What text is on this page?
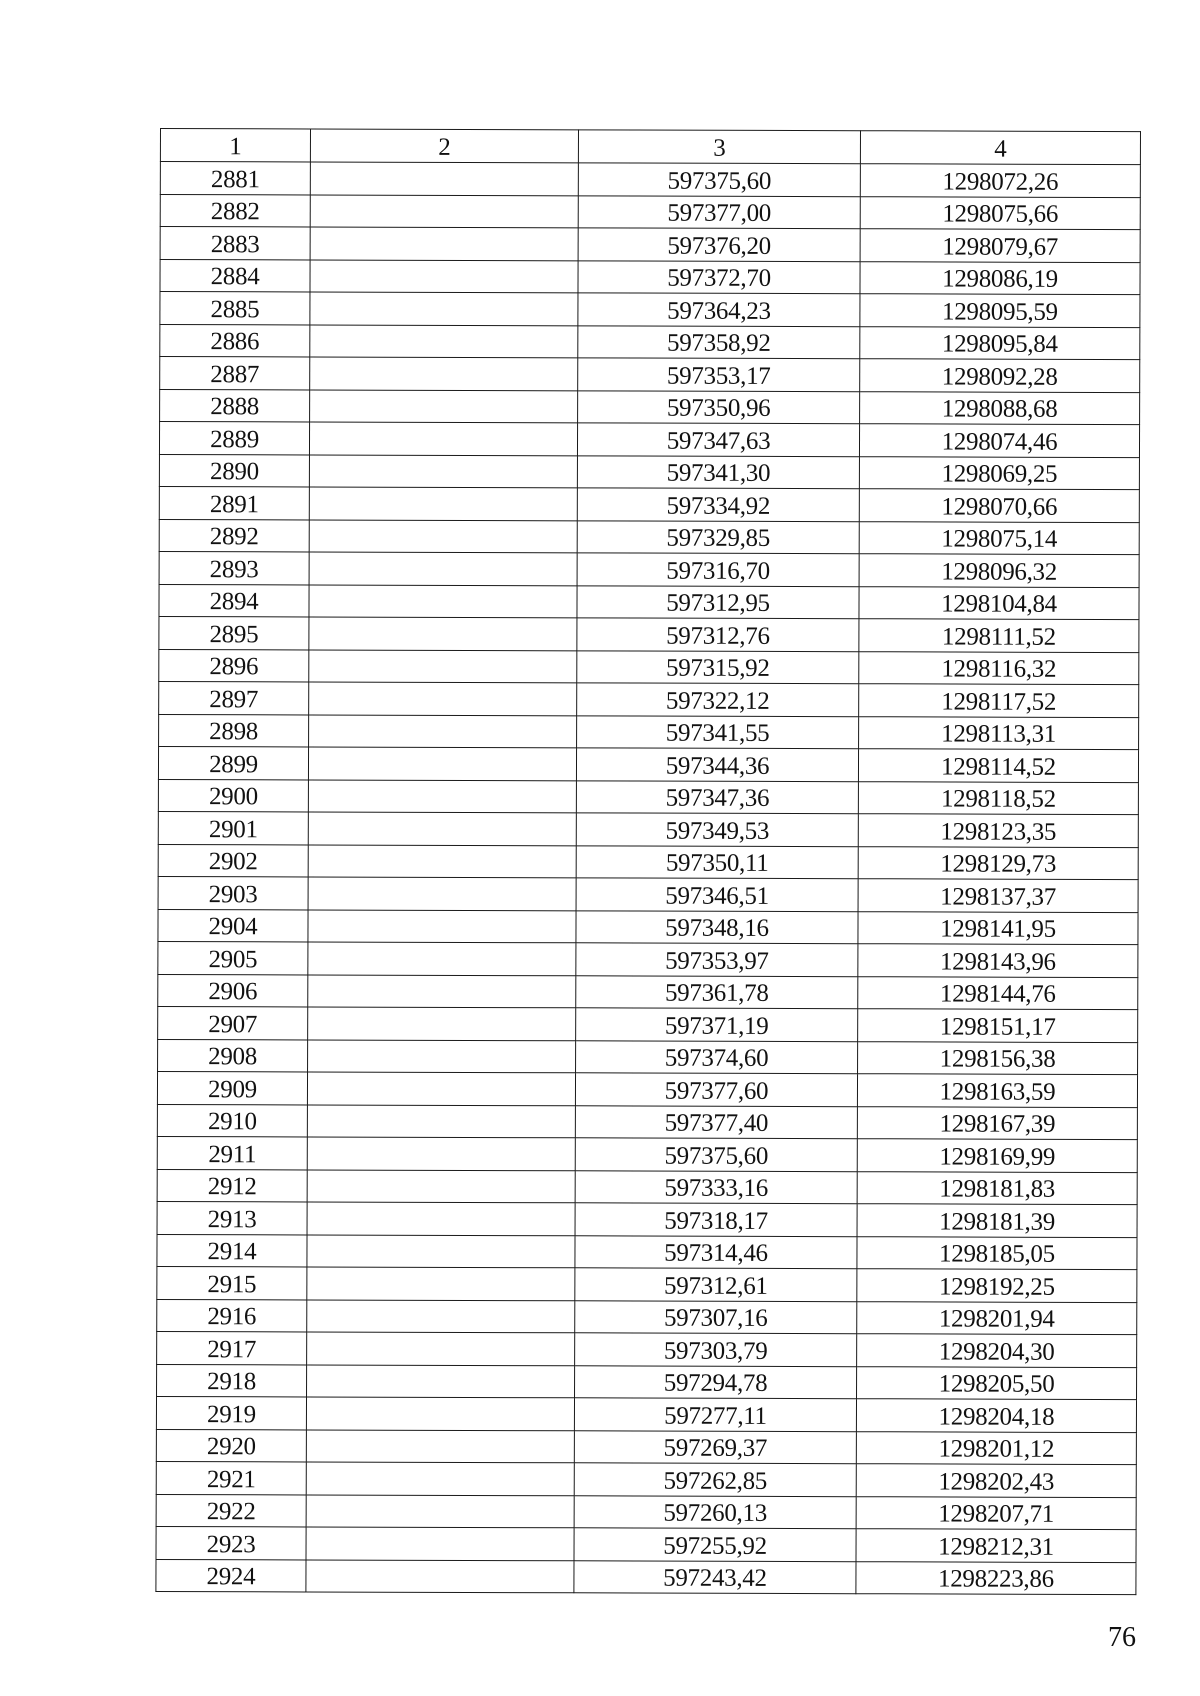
1	2	3	4
2881		597375,60	1298072,26
2882		597377,00	1298075,66
2883		597376,20	1298079,67
2884		597372,70	1298086,19
2885		597364,23	1298095,59
2886		597358,92	1298095,84
2887		597353,17	1298092,28
2888		597350,96	1298088,68
2889		597347,63	1298074,46
2890		597341,30	1298069,25
2891		597334,92	1298070,66
2892		597329,85	1298075,14
2893		597316,70	1298096,32
2894		597312,95	1298104,84
2895		597312,76	1298111,52
2896		597315,92	1298116,32
2897		597322,12	1298117,52
2898		597341,55	1298113,31
2899		597344,36	1298114,52
2900		597347,36	1298118,52
2901		597349,53	1298123,35
2902		597350,11	1298129,73
2903		597346,51	1298137,37
2904		597348,16	1298141,95
2905		597353,97	1298143,96
2906		597361,78	1298144,76
2907		597371,19	1298151,17
2908		597374,60	1298156,38
2909		597377,60	1298163,59
2910		597377,40	1298167,39
2911		597375,60	1298169,99
2912		597333,16	1298181,83
2913		597318,17	1298181,39
2914		597314,46	1298185,05
2915		597312,61	1298192,25
2916		597307,16	1298201,94
2917		597303,79	1298204,30
2918		597294,78	1298205,50
2919		597277,11	1298204,18
2920		597269,37	1298201,12
2921		597262,85	1298202,43
2922		597260,13	1298207,71
2923		597255,92	1298212,31
2924		597243,42	1298223,86
76
